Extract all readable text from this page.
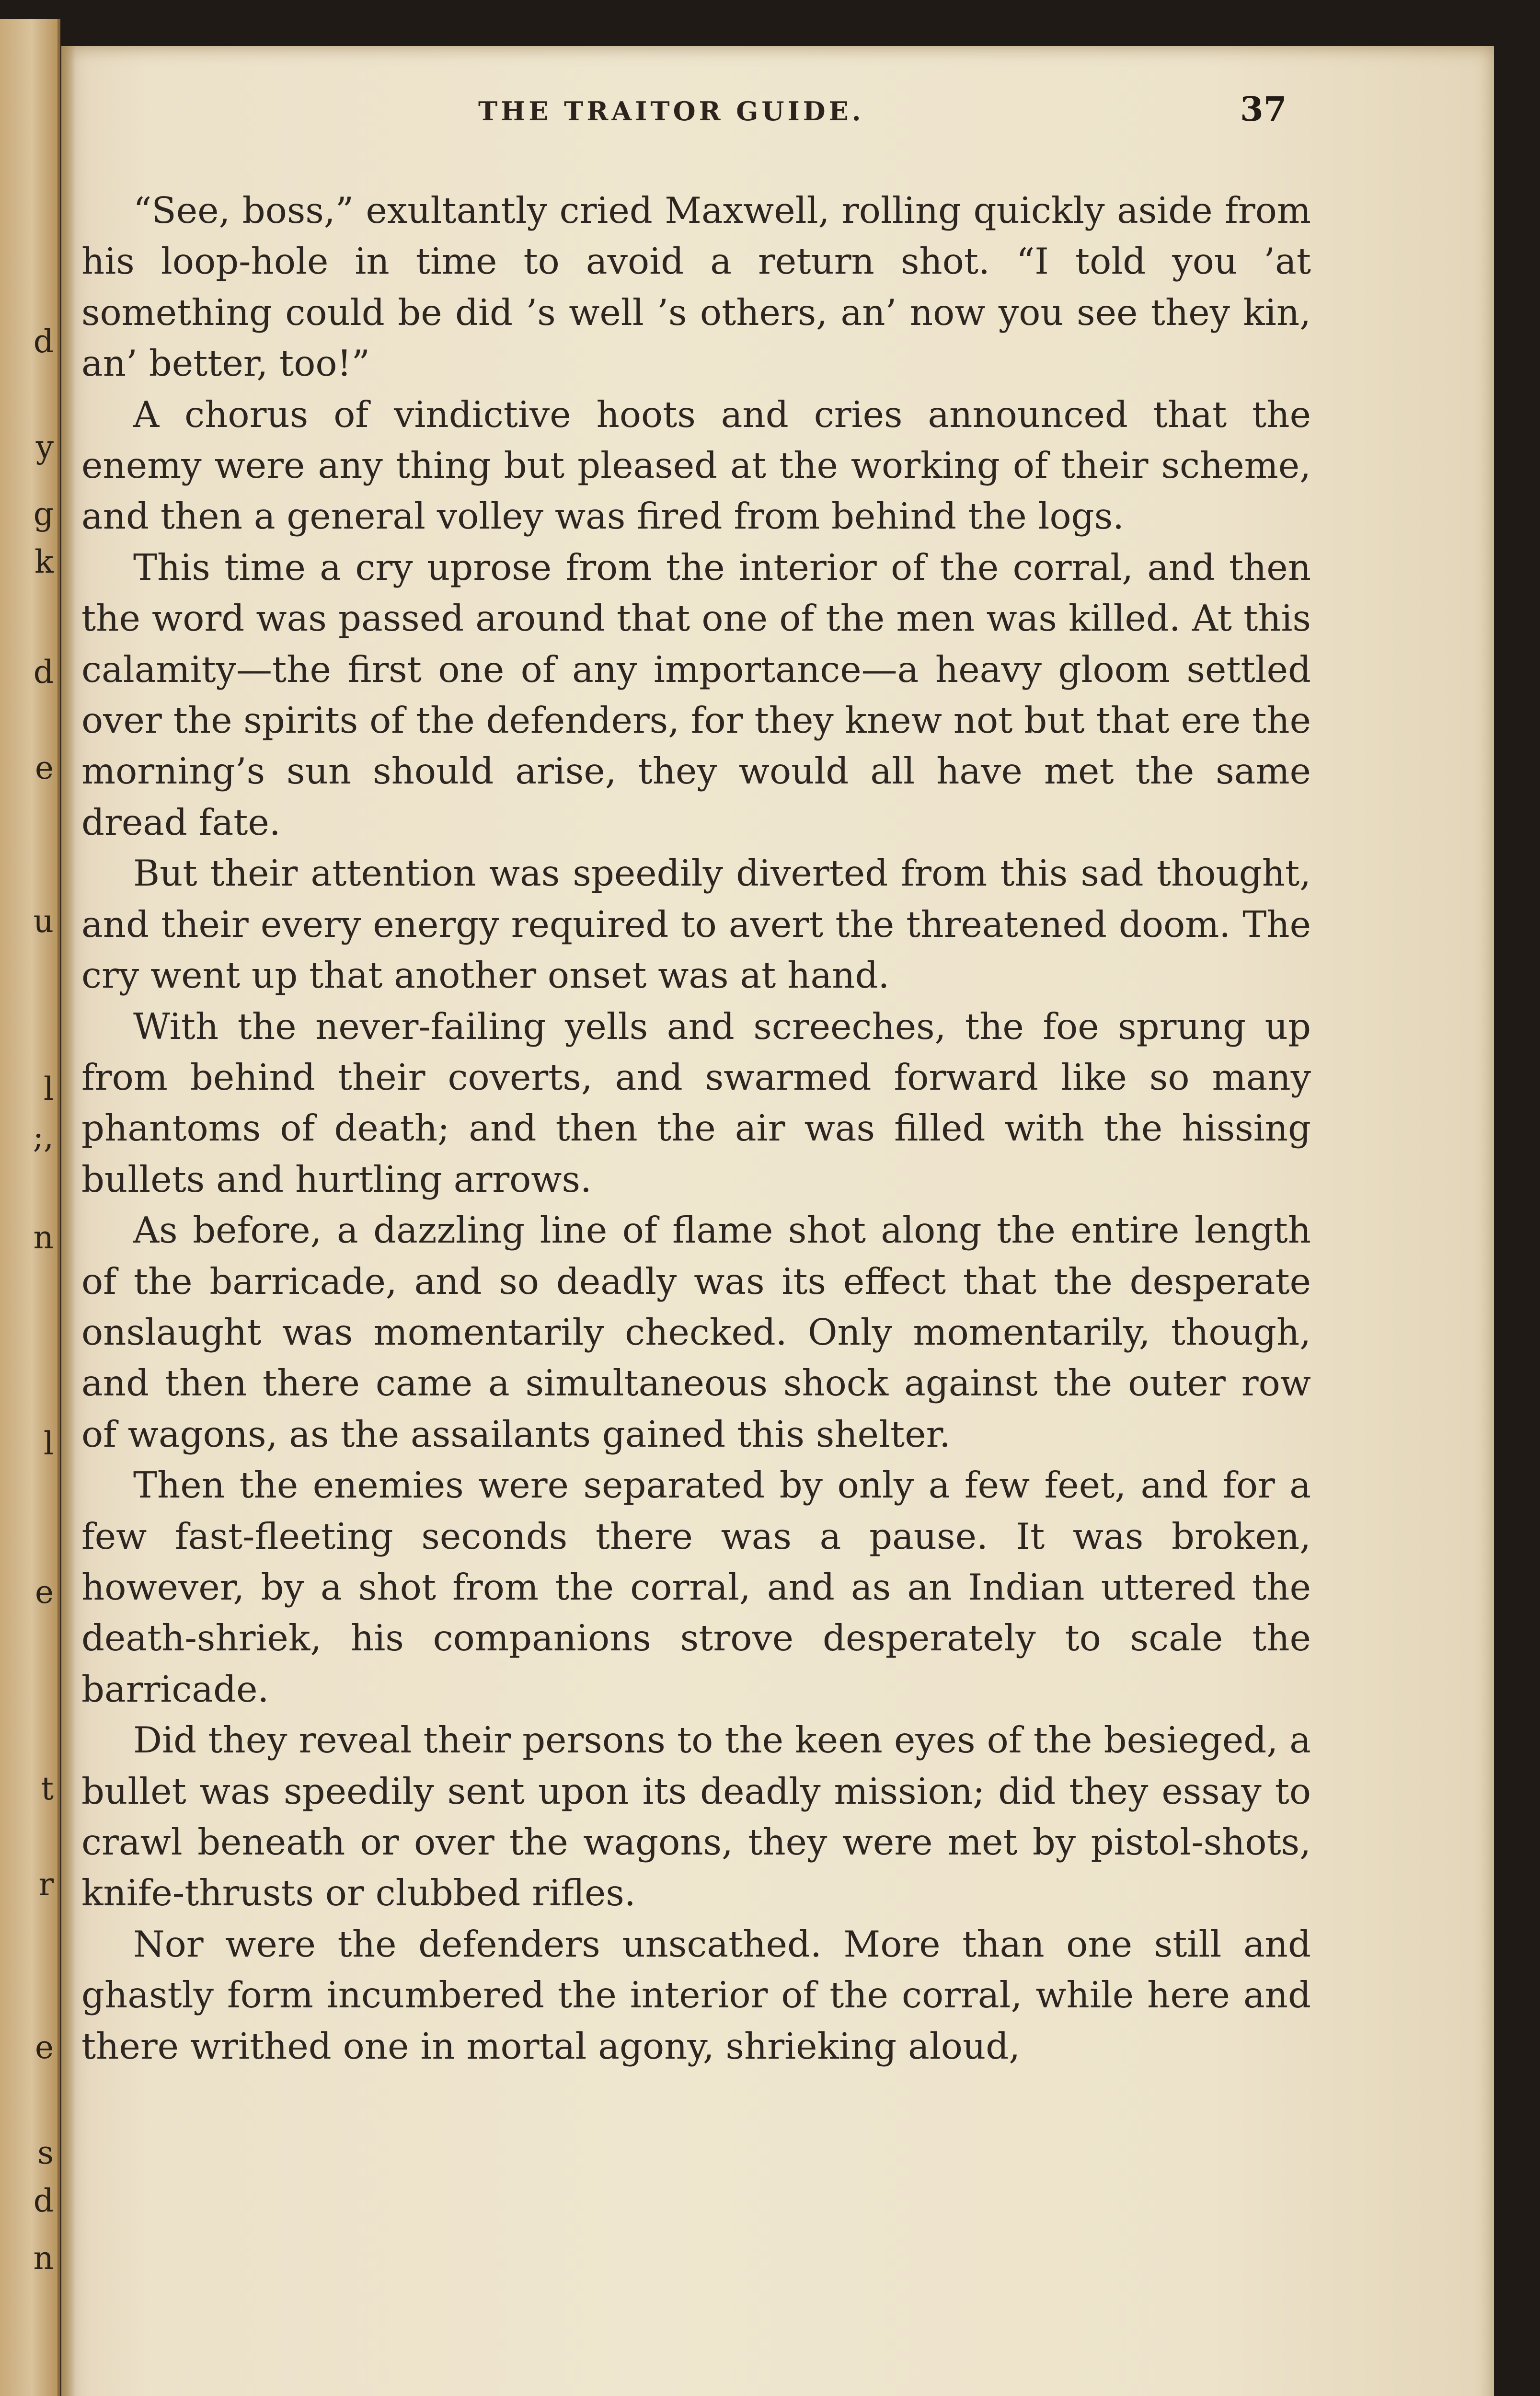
d
y
g
k
d
e
u
l
;,
n
l
e
t
r
e
s
d
n
THE TRAITOR GUIDE.	37

“See, boss,” exultantly cried Maxwell, rolling quickly aside from his loop-hole in time to avoid a return shot. “I told you ’at something could be did ’s well ’s others, an’ now you see they kin, an’ better, too!”

A chorus of vindictive hoots and cries announced that the enemy were any thing but pleased at the working of their scheme, and then a general volley was fired from behind the logs.

This time a cry uprose from the interior of the corral, and then the word was passed around that one of the men was killed. At this calamity—the first one of any importance—a heavy gloom settled over the spirits of the defenders, for they knew not but that ere the morning’s sun should arise, they would all have met the same dread fate.

But their attention was speedily diverted from this sad thought, and their every energy required to avert the threatened doom. The cry went up that another onset was at hand.

With the never-failing yells and screeches, the foe sprung up from behind their coverts, and swarmed forward like so many phantoms of death; and then the air was filled with the hissing bullets and hurtling arrows.

As before, a dazzling line of flame shot along the entire length of the barricade, and so deadly was its effect that the desperate onslaught was momentarily checked. Only momentarily, though, and then there came a simultaneous shock against the outer row of wagons, as the assailants gained this shelter.

Then the enemies were separated by only a few feet, and for a few fast-fleeting seconds there was a pause. It was broken, however, by a shot from the corral, and as an Indian uttered the death-shriek, his companions strove desperately to scale the barricade.

Did they reveal their persons to the keen eyes of the besieged, a bullet was speedily sent upon its deadly mission; did they essay to crawl beneath or over the wagons, they were met by pistol-shots, knife-thrusts or clubbed rifles.

Nor were the defenders unscathed. More than one still and ghastly form incumbered the interior of the corral, while here and there writhed one in mortal agony, shrieking aloud,
